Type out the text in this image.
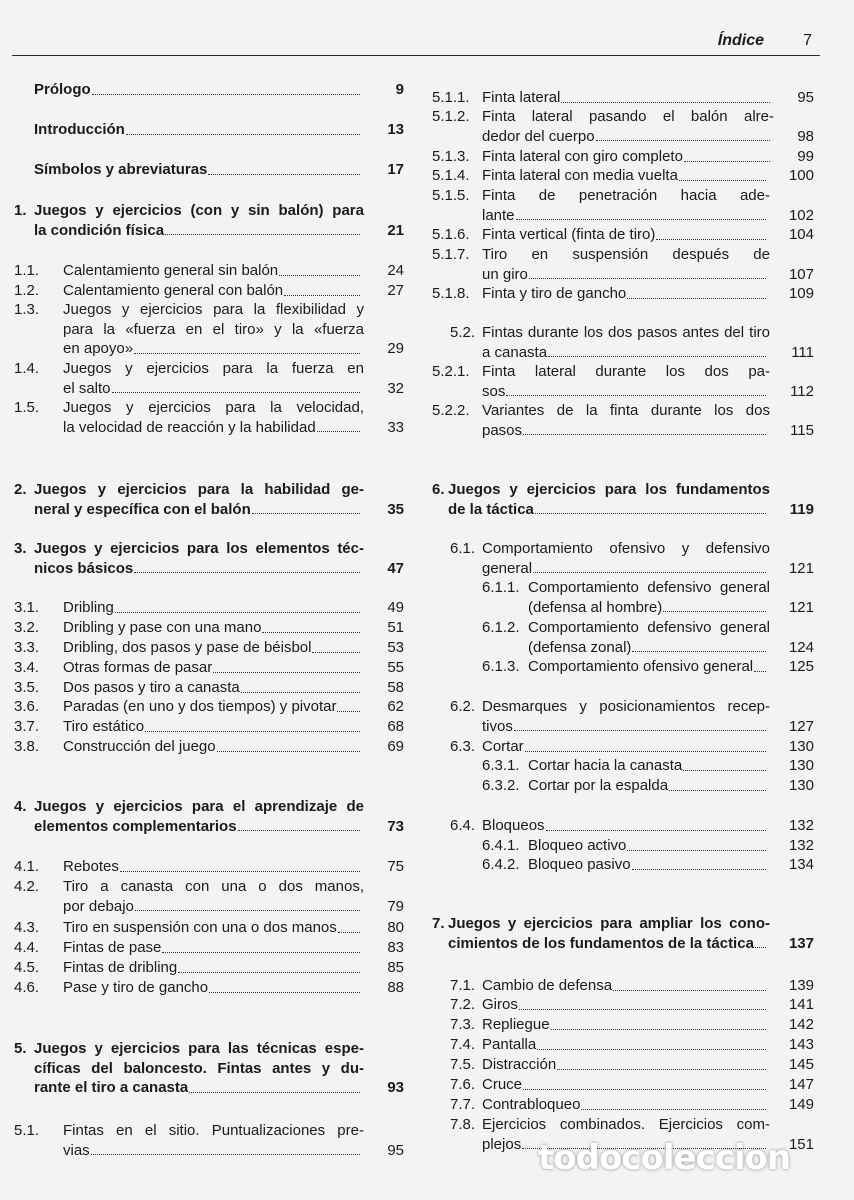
Índice 7
Prólogo	9
Introducción	13
Símbolos y abreviaturas	17
1. Juegos y ejercicios (con y sin balón) para
la condición física	21
1.1. Calentamiento general sin balón	24
1.2. Calentamiento general con balón	27
1.3. Juegos y ejercicios para la flexibilidad y
para la «fuerza en el tiro» y la «fuerza
en apoyo»	29
1.4. Juegos y ejercicios para la fuerza en
el salto	32
1.5. Juegos y ejercicios para la velocidad,
la velocidad de reacción y la habilidad	33
2. Juegos y ejercicios para la habilidad ge-
neral y específica con el balón	35
3. Juegos y ejercicios para los elementos téc-
nicos básicos	47
3.1. Dribling	49
3.2. Dribling y pase con una mano	51
3.3. Dribling, dos pasos y pase de béisbol	53
3.4. Otras formas de pasar	55
3.5. Dos pasos y tiro a canasta	58
3.6. Paradas (en uno y dos tiempos) y pivotar	62
3.7. Tiro estático	68
3.8. Construcción del juego	69
4. Juegos y ejercicios para el aprendizaje de
elementos complementarios	73
4.1. Rebotes	75
4.2. Tiro a canasta con una o dos manos,
por debajo	79
4.3. Tiro en suspensión con una o dos manos	80
4.4. Fintas de pase	83
4.5. Fintas de dribling	85
4.6. Pase y tiro de gancho	88
5. Juegos y ejercicios para las técnicas espe-
cíficas del baloncesto. Fintas antes y du-
rante el tiro a canasta	93
5.1. Fintas en el sitio. Puntualizaciones pre-
vias	95
5.1.1. Finta lateral	95
5.1.2. Finta lateral pasando el balón alre-
dedor del cuerpo	98
5.1.3. Finta lateral con giro completo	99
5.1.4. Finta lateral con media vuelta	100
5.1.5. Finta de penetración hacia ade-
lante	102
5.1.6. Finta vertical (finta de tiro)	104
5.1.7. Tiro en suspensión después de
un giro	107
5.1.8. Finta y tiro de gancho	109
5.2. Fintas durante los dos pasos antes del tiro
a canasta	111
5.2.1. Finta lateral durante los dos pa-
sos	112
5.2.2. Variantes de la finta durante los dos
pasos	115
6. Juegos y ejercicios para los fundamentos
de la táctica	119
6.1. Comportamiento ofensivo y defensivo
general	121
6.1.1. Comportamiento defensivo general
(defensa al hombre)	121
6.1.2. Comportamiento defensivo general
(defensa zonal)	124
6.1.3. Comportamiento ofensivo general 125
6.2. Desmarques y posicionamientos recep-
tivos	127
6.3. Cortar	130
6.3.1. Cortar hacia la canasta	130
6.3.2. Cortar por la espalda	130
6.4. Bloqueos	132
6.4.1. Bloqueo activo	132
6.4.2. Bloqueo pasivo	134
7. Juegos y ejercicios para ampliar los cono-
cimientos de los fundamentos de la táctica 137
7.1. Cambio de defensa	139
7.2. Giros	141
7.3. Repliegue	142
7.4. Pantalla	143
7.5. Distracción	145
7.6. Cruce	147
7.7. Contrabloqueo	149
7.8. Ejercicios combinados. Ejercicios com-
plejos	151
todocoleccion
